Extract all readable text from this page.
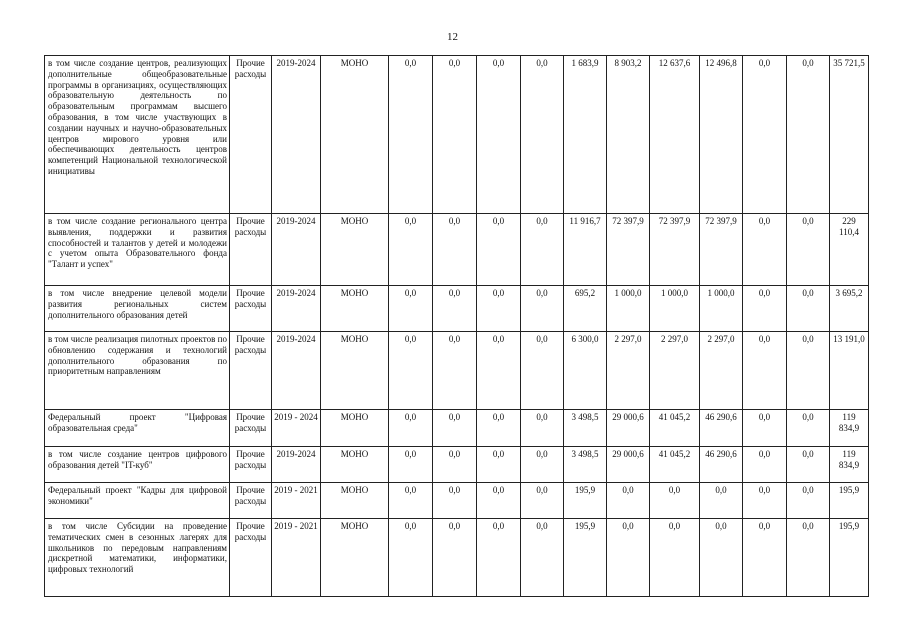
12
в том числе создание центров, реализующих дополнительные общеобразовательные программы в организациях, осуществляющих образовательную деятельность по образовательным программам высшего образования, в том числе участвующих в создании научных и научно-образовательных центров мирового уровня или обеспечивающих деятельность центров компетенций Национальной технологической инициативы	Прочие расходы	2019-2024	МОНО	0,0	0,0	0,0	0,0	1 683,9	8 903,2	12 637,6	12 496,8	0,0	0,0	35 721,5
в том числе создание регионального центра выявления, поддержки и развития способностей и талантов у детей и молодежи с учетом опыта Образовательного фонда "Талант и успех"	Прочие расходы	2019-2024	МОНО	0,0	0,0	0,0	0,0	11 916,7	72 397,9	72 397,9	72 397,9	0,0	0,0	229 110,4
в том числе внедрение целевой модели развития региональных систем дополнительного образования детей	Прочие расходы	2019-2024	МОНО	0,0	0,0	0,0	0,0	695,2	1 000,0	1 000,0	1 000,0	0,0	0,0	3 695,2
в том числе реализация пилотных проектов по обновлению содержания и технологий дополнительного образования по приоритетным направлениям	Прочие расходы	2019-2024	МОНО	0,0	0,0	0,0	0,0	6 300,0	2 297,0	2 297,0	2 297,0	0,0	0,0	13 191,0
Федеральный проект "Цифровая образовательная среда"	Прочие расходы	2019 - 2024	МОНО	0,0	0,0	0,0	0,0	3 498,5	29 000,6	41 045,2	46 290,6	0,0	0,0	119 834,9
в том числе создание центров цифрового образования детей "IT-куб"	Прочие расходы	2019-2024	МОНО	0,0	0,0	0,0	0,0	3 498,5	29 000,6	41 045,2	46 290,6	0,0	0,0	119 834,9
Федеральный проект "Кадры для цифровой экономики"	Прочие расходы	2019 - 2021	МОНО	0,0	0,0	0,0	0,0	195,9	0,0	0,0	0,0	0,0	0,0	195,9
в том числе Субсидии на проведение тематических смен в сезонных лагерях для школьников по передовым направлениям дискретной математики, информатики, цифровых технологий	Прочие расходы	2019 - 2021	МОНО	0,0	0,0	0,0	0,0	195,9	0,0	0,0	0,0	0,0	0,0	195,9
